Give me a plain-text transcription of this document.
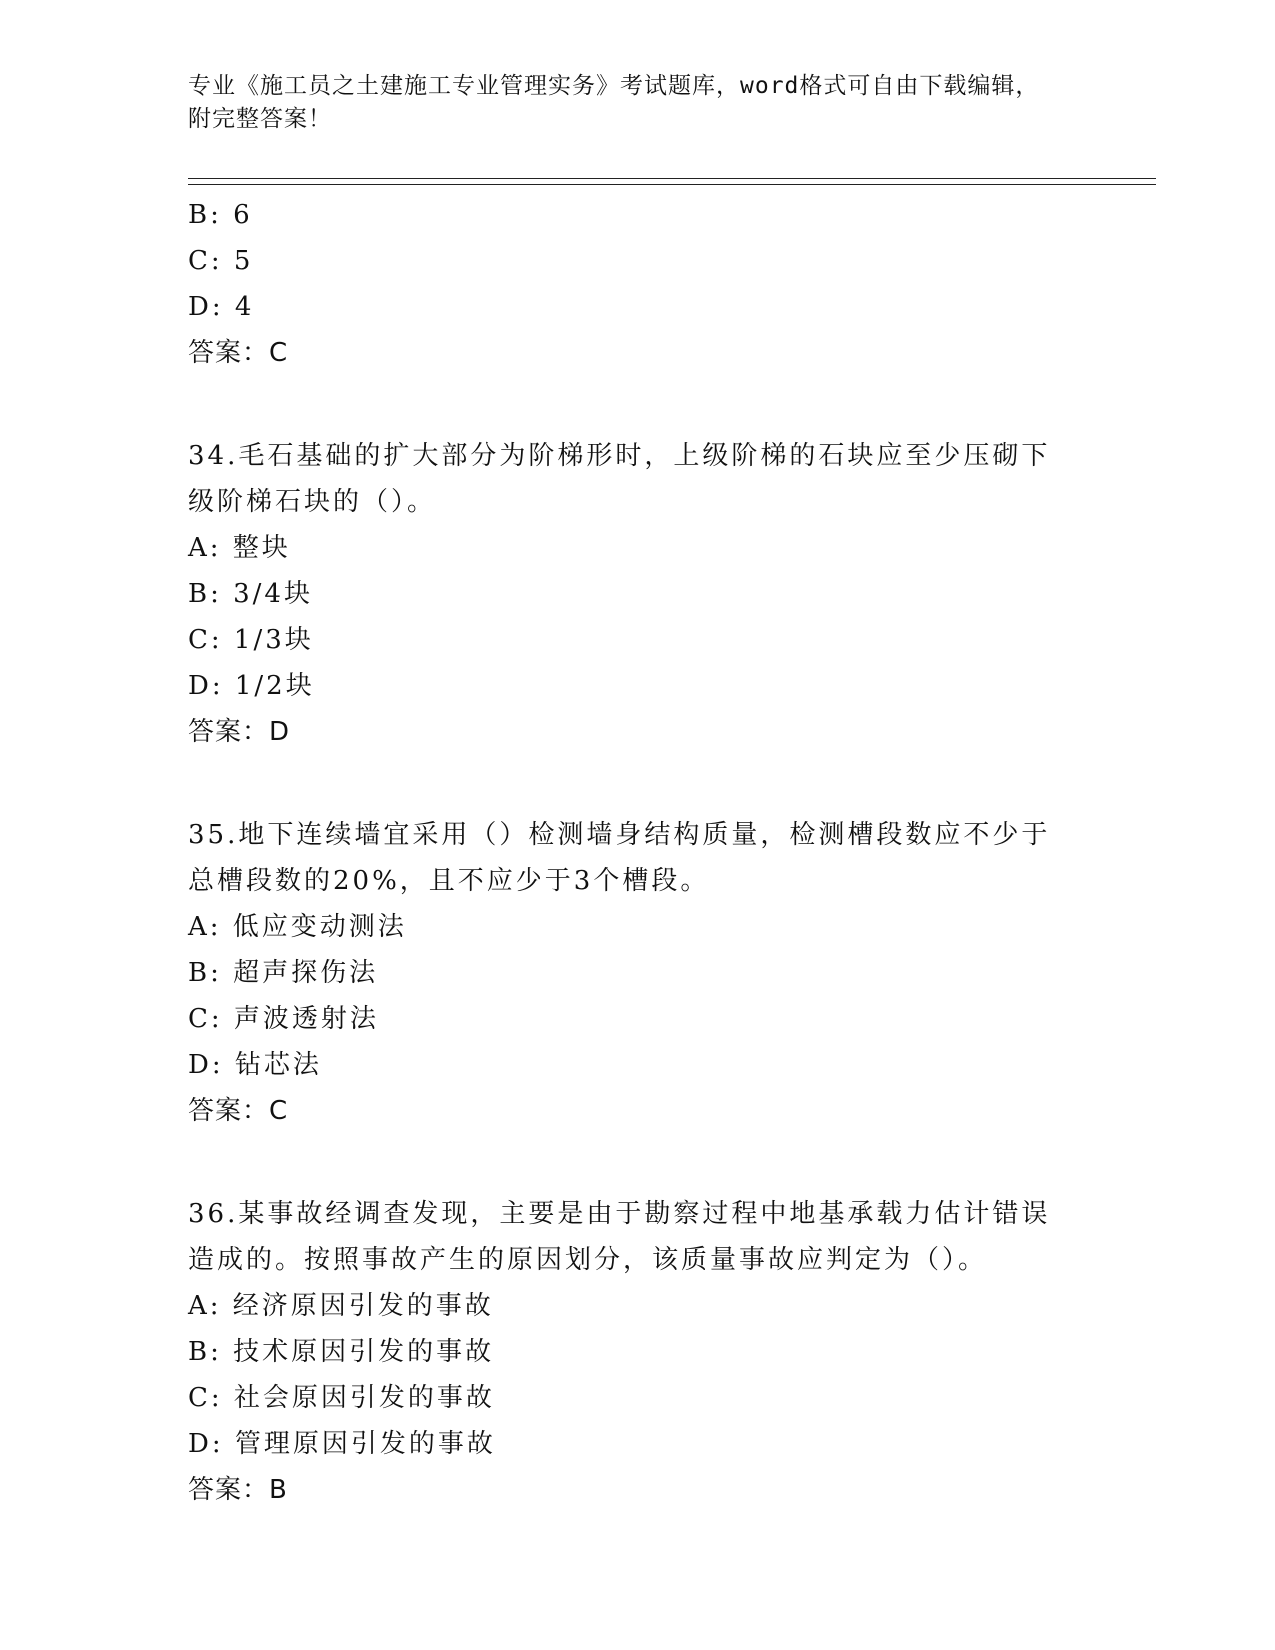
专业《施工员之土建施工专业管理实务》考试题库，word格式可自由下载编辑，
附完整答案！

B: 6

C: 5

D: 4

答案：C

34.毛石基础的扩大部分为阶梯形时，上级阶梯的石块应至少压砌下级阶梯石块的（）。

A: 整块

B: 3/4块

C: 1/3块

D: 1/2块

答案：D

35.地下连续墙宜采用（）检测墙身结构质量，检测槽段数应不少于总槽段数的20%，且不应少于3个槽段。

A: 低应变动测法

B: 超声探伤法

C: 声波透射法

D: 钻芯法

答案：C

36.某事故经调查发现，主要是由于勘察过程中地基承载力估计错误造成的。按照事故产生的原因划分，该质量事故应判定为（）。

A: 经济原因引发的事故

B: 技术原因引发的事故

C: 社会原因引发的事故

D: 管理原因引发的事故

答案：B
